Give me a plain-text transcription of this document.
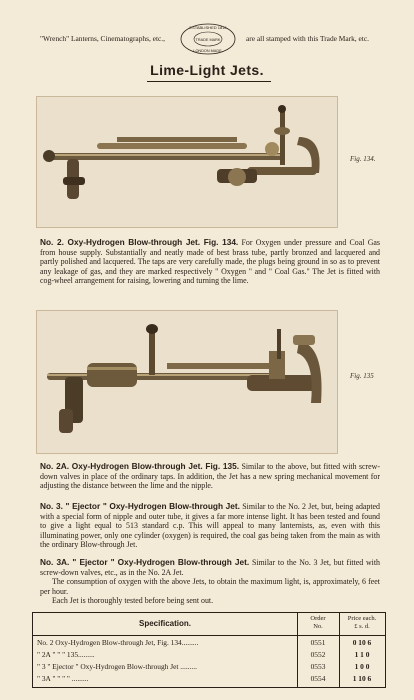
"Wrench" Lanterns, Cinematographs, etc.,
ESTABLISHED 1816
TRADE MARK
LONDON MADE.
are all stamped with this Trade Mark, etc.
Lime-Light Jets.
Fig. 134.
No. 2. Oxy-Hydrogen Blow-through Jet. Fig. 134. For Oxygen under pressure and Coal Gas from house supply. Substantially and neatly made of best brass tube, partly bronzed and lacquered and partly polished and lacquered. The taps are very carefully made, the plugs being ground in so as to prevent any leakage of gas, and they are marked respectively " Oxygen " and " Coal Gas." The Jet is fitted with cog-wheel arrangement for raising, lowering and turning the lime.
Fig. 135
No. 2A. Oxy-Hydrogen Blow-through Jet. Fig. 135. Similar to the above, but fitted with screw-down valves in place of the ordinary taps. In addition, the Jet has a new spring mechanical movement for adjusting the distance between the lime and the nipple.
No. 3. " Ejector " Oxy-Hydrogen Blow-through Jet. Similar to the No. 2 Jet, but, being adapted with a special form of nipple and outer tube, it gives a far more intense light. It has been tested and found to give a light equal to 513 standard c.p. This will appeal to many lanternists, as, even with this illuminating power, only one cylinder (oxygen) is required, the coal gas being taken from the main as with the ordinary Blow-through Jet.
No. 3A. " Ejector " Oxy-Hydrogen Blow-through Jet. Similar to the No. 3 Jet, but fitted with screw-down valves, etc., as in the No. 2A Jet.
The consumption of oxygen with the above Jets, to obtain the maximum light, is, approximately, 6 feet per hour.
Each Jet is thoroughly tested before being sent out.
Specification.
Order
No.
Price each.
£ s. d.
No. 2 Oxy-Hydrogen Blow-through Jet, Fig. 134.........	0551	0 10 6
" 2A " " " 135.........	0552	1 1 0
" 3 " Ejector " Oxy-Hydrogen Blow-through Jet .........	0553	1 0 0
" 3A " " " " .........	0554	1 10 6
